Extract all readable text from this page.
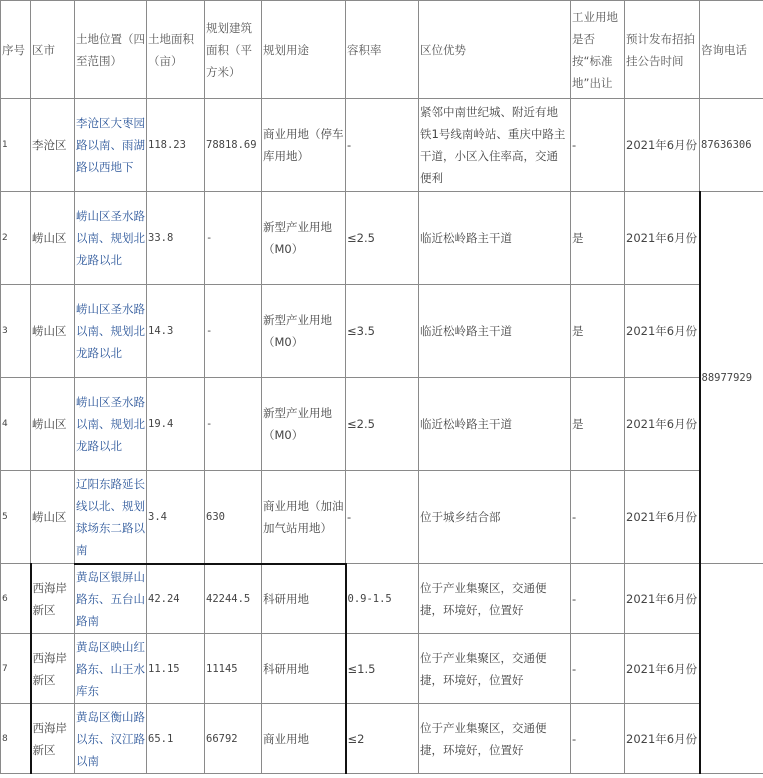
序号	区市	土地位置（四至范围）	土地面积（亩）	规划建筑面积（平方米）	规划用途	容积率	区位优势	工业用地是否按“标准地”出让	预计发布招拍挂公告时间	咨询电话
1	李沧区	李沧区大枣园路以南、雨湖路以西地下	118.23	78818.69	商业用地（停车库用地）	-	紧邻中南世纪城、附近有地铁1号线南岭站、重庆中路主干道，小区入住率高，交通便利	-	2021年6月份	87636306
2	崂山区	崂山区圣水路以南、规划北龙路以北	33.8	-	新型产业用地（M0）	≤2.5	临近松岭路主干道	是	2021年6月份	88977929
3	崂山区	崂山区圣水路以南、规划北龙路以北	14.3	-	新型产业用地（M0）	≤3.5	临近松岭路主干道	是	2021年6月份	
4	崂山区	崂山区圣水路以南、规划北龙路以北	19.4	-	新型产业用地（M0）	≤2.5	临近松岭路主干道	是	2021年6月份	
5	崂山区	辽阳东路延长线以北、规划球场东二路以南	3.4	630	商业用地（加油加气站用地）	-	位于城乡结合部	-	2021年6月份	
6	西海岸新区	黄岛区银屏山路东、五台山路南	42.24	42244.5	科研用地	0.9-1.5	位于产业集聚区，交通便捷，环境好，位置好	-	2021年6月份	
7	西海岸新区	黄岛区映山红路东、山王水库东	11.15	11145	科研用地	≤1.5	位于产业集聚区，交通便捷，环境好，位置好	-	2021年6月份	
8	西海岸新区	黄岛区衡山路以东、汉江路以南	65.1	66792	商业用地	≤2	位于产业集聚区，交通便捷，环境好，位置好	-	2021年6月份	
